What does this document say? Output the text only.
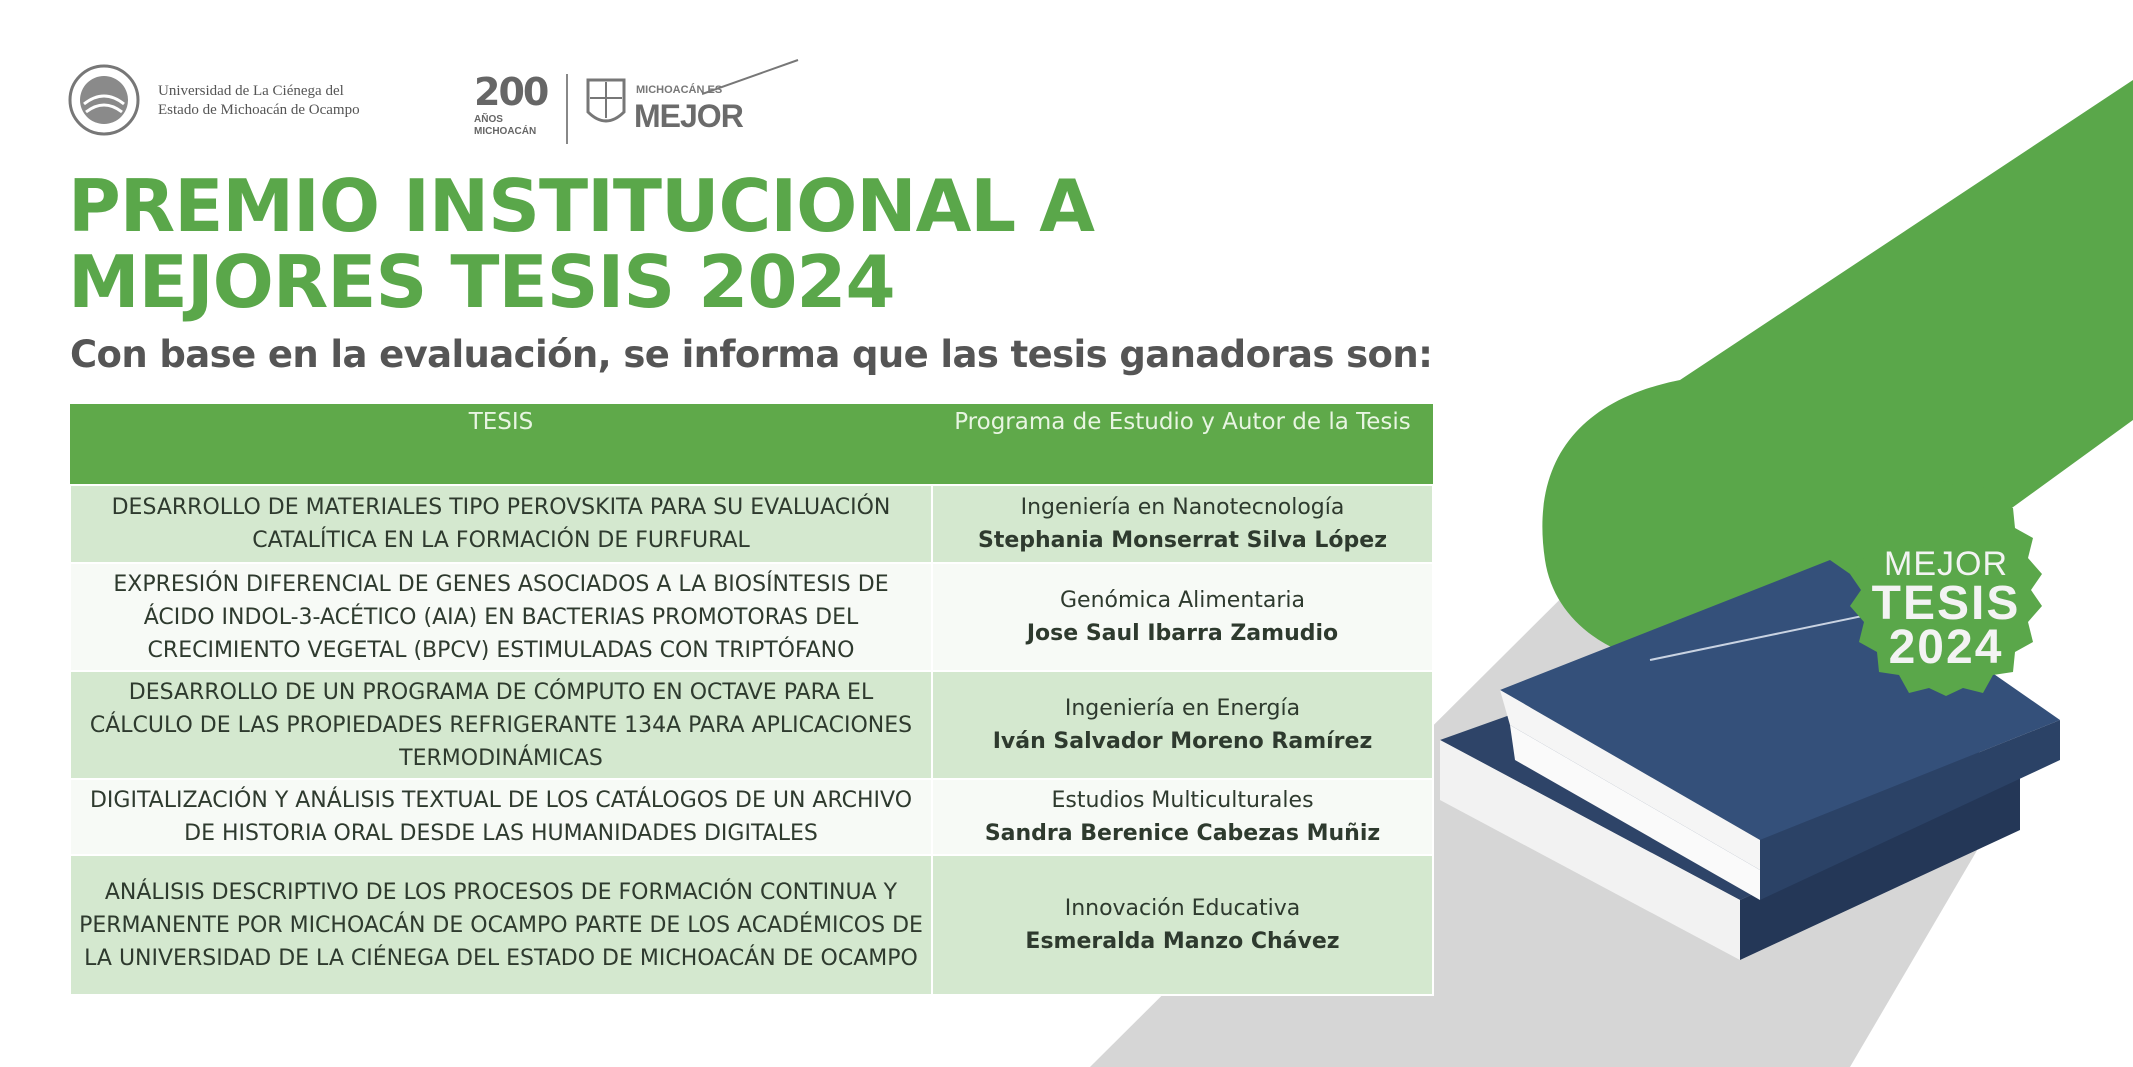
Universidad de La Ciénega del
Estado de Michoacán de Ocampo	200
AÑOS
MICHOACÁN
MICHOACÁN ES
MEJOR
PREMIO INSTITUCIONAL A MEJORES TESIS 2024

Con base en la evaluación, se informa que las tesis ganadoras son:

TESIS	Programa de Estudio y Autor de la Tesis
DESARROLLO DE MATERIALES TIPO PEROVSKITA PARA SU EVALUACIÓN CATALÍTICA EN LA FORMACIÓN DE FURFURAL	Ingeniería en Nanotecnología
Stephania Monserrat Silva López

EXPRESIÓN DIFERENCIAL DE GENES ASOCIADOS A LA BIOSÍNTESIS DE ÁCIDO INDOL-3-ACÉTICO (AIA) EN BACTERIAS PROMOTORAS DEL CRECIMIENTO VEGETAL (BPCV) ESTIMULADAS CON TRIPTÓFANO	Genómica Alimentaria
Jose Saul Ibarra Zamudio

DESARROLLO DE UN PROGRAMA DE CÓMPUTO EN OCTAVE PARA EL CÁLCULO DE LAS PROPIEDADES REFRIGERANTE 134A PARA APLICACIONES TERMODINÁMICAS	Ingeniería en Energía
Iván Salvador Moreno Ramírez

DIGITALIZACIÓN Y ANÁLISIS TEXTUAL DE LOS CATÁLOGOS DE UN ARCHIVO DE HISTORIA ORAL DESDE LAS HUMANIDADES DIGITALES	Estudios Multiculturales
Sandra Berenice Cabezas Muñiz

ANÁLISIS DESCRIPTIVO DE LOS PROCESOS DE FORMACIÓN CONTINUA Y PERMANENTE POR MICHOACÁN DE OCAMPO PARTE DE LOS ACADÉMICOS DE LA UNIVERSIDAD DE LA CIÉNEGA DEL ESTADO DE MICHOACÁN DE OCAMPO	Innovación Educativa
Esmeralda Manzo Chávez
MEJOR
TESIS
2024
